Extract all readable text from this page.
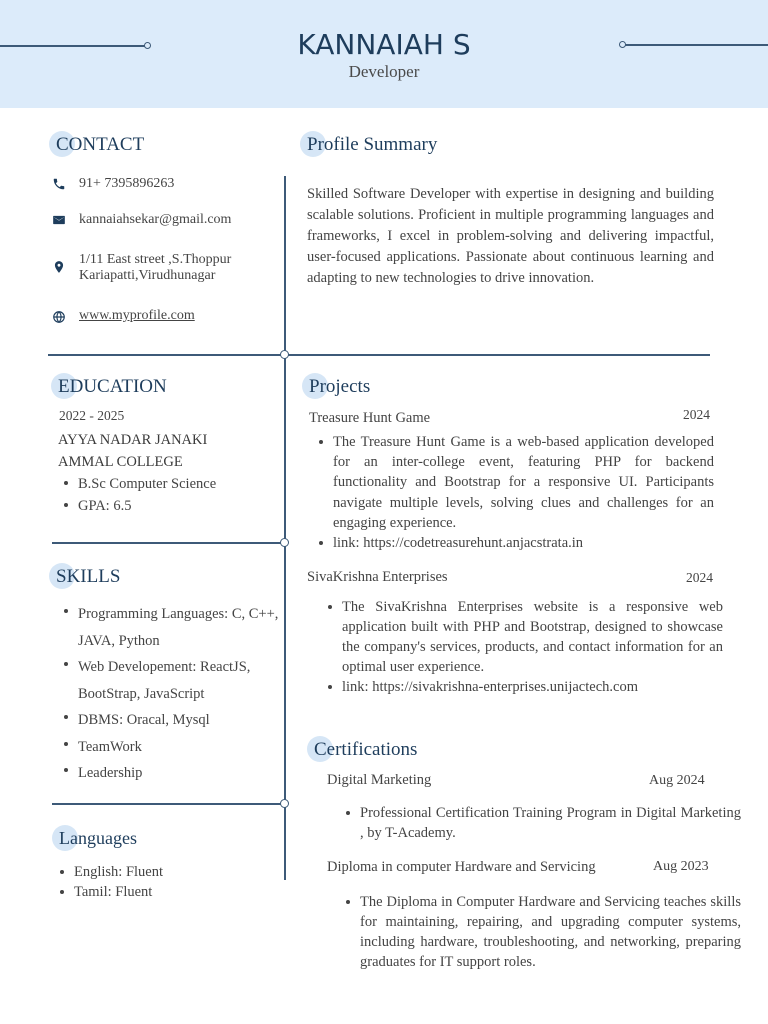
KANNAIAH S
Developer
CONTACT
91+ 7395896263
kannaiahsekar@gmail.com
1/11 East street ,S.Thoppur
Kariapatti,Virudhunagar
www.myprofile.com
Profile Summary
Skilled Software Developer with expertise in designing and building scalable solutions. Proficient in multiple programming languages and frameworks, I excel in problem-solving and delivering impactful, user-focused applications. Passionate about continuous learning and adapting to new technologies to drive innovation.
EDUCATION
2022 - 2025
AYYA NADAR JANAKI
AMMAL COLLEGE
B.Sc Computer Science
GPA: 6.5
SKILLS
Programming Languages: C, C++, JAVA, Python
Web Developement: ReactJS, BootStrap, JavaScript
DBMS: Oracal, Mysql
TeamWork
Leadership
Languages
English: Fluent
Tamil: Fluent
Projects
Treasure Hunt Game	2024
The Treasure Hunt Game is a web-based application developed for an inter-college event, featuring PHP for backend functionality and Bootstrap for a responsive UI. Participants navigate multiple levels, solving clues and challenges for an engaging experience.
link: https://codetreasurehunt.anjacstrata.in
SivaKrishna Enterprises	2024
The SivaKrishna Enterprises website is a responsive web application built with PHP and Bootstrap, designed to showcase the company's services, products, and contact information for an optimal user experience.
link: https://sivakrishna-enterprises.unijactech.com
Certifications
Digital Marketing	Aug 2024
Professional Certification Training Program in Digital Marketing , by T-Academy.
Diploma in computer Hardware and Servicing	Aug 2023
The Diploma in Computer Hardware and Servicing teaches skills for maintaining, repairing, and upgrading computer systems, including hardware, troubleshooting, and networking, preparing graduates for IT support roles.
